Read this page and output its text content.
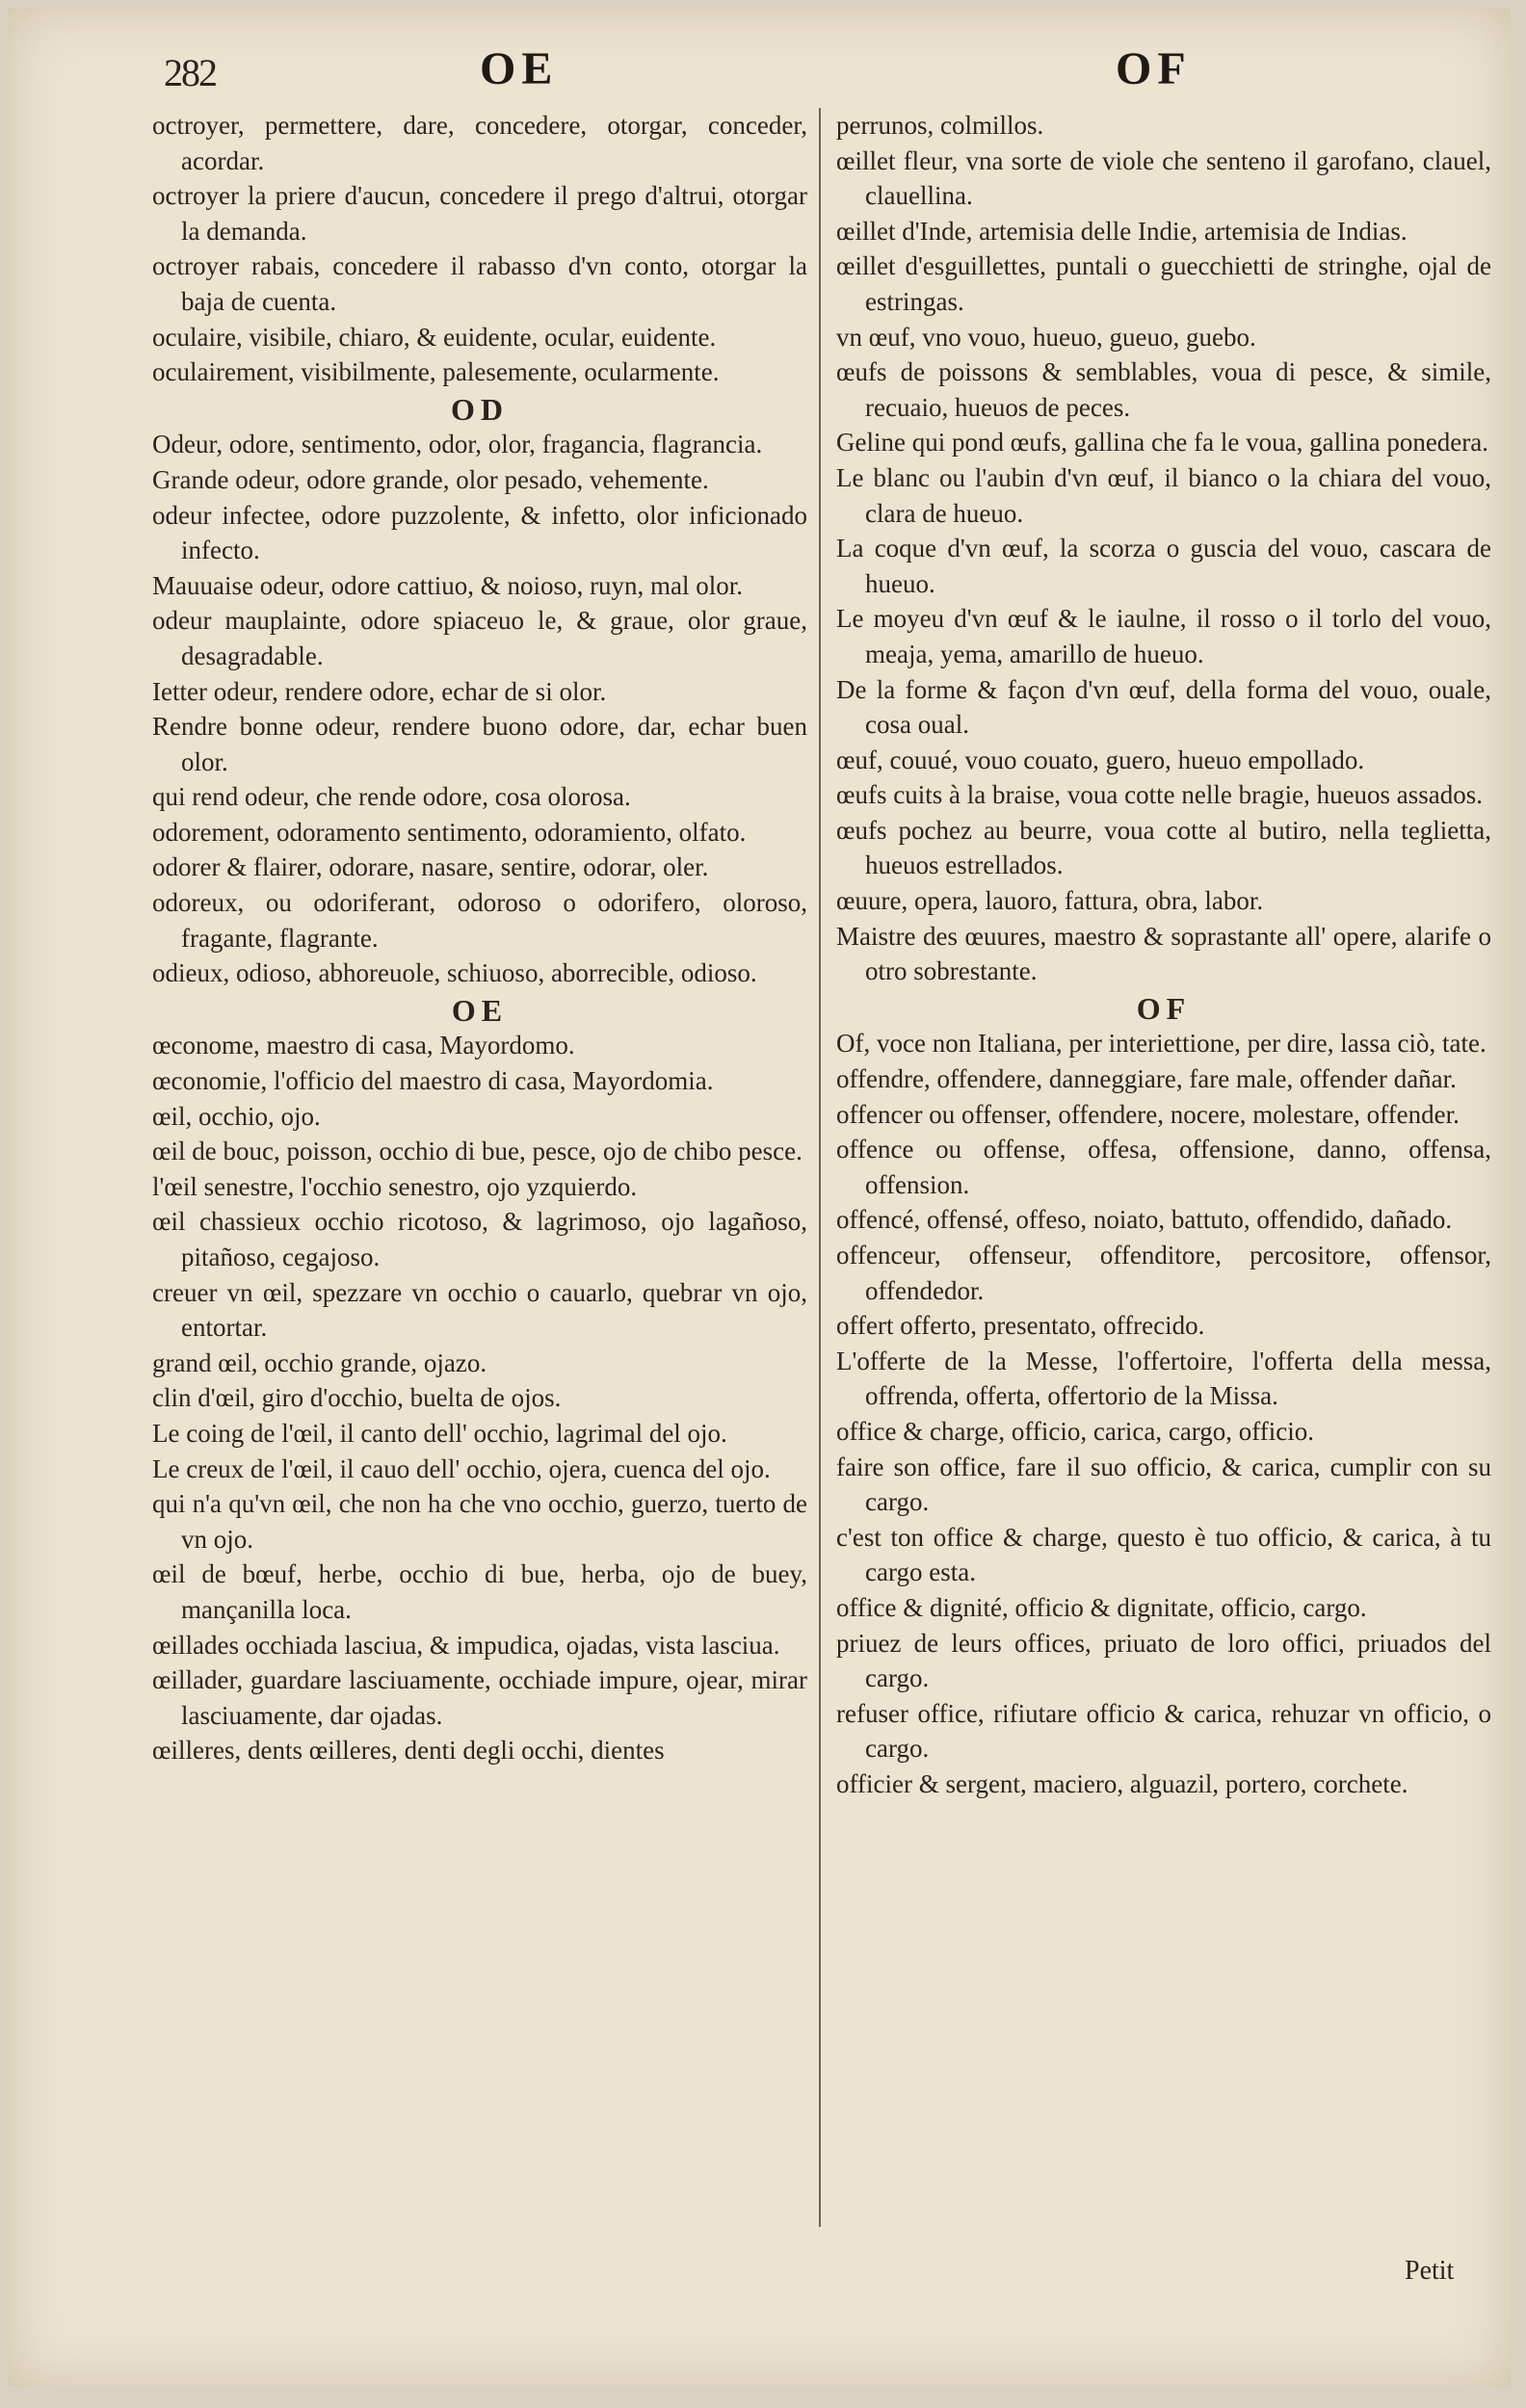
282	OE	OF

octroyer, permettere, dare, concedere, otorgar, conceder, acordar.

octroyer la priere d'aucun, concedere il prego d'altrui, otorgar la demanda.

octroyer rabais, concedere il rabasso d'vn conto, otorgar la baja de cuenta.

oculaire, visibile, chiaro, & euidente, ocular, euidente.

oculairement, visibilmente, palesemente, ocularmente.

OD

Odeur, odore, sentimento, odor, olor, fragancia, flagrancia.

Grande odeur, odore grande, olor pesado, vehemente.

odeur infectee, odore puzzolente, & infetto, olor inficionado infecto.

Mauuaise odeur, odore cattiuo, & noioso, ruyn, mal olor.

odeur mauplainte, odore spiaceuo le, & graue, olor graue, desagradable.

Ietter odeur, rendere odore, echar de si olor.

Rendre bonne odeur, rendere buono odore, dar, echar buen olor.

qui rend odeur, che rende odore, cosa olorosa.

odorement, odoramento sentimento, odoramiento, olfato.

odorer & flairer, odorare, nasare, sentire, odorar, oler.

odoreux, ou odoriferant, odoroso o odorifero, oloroso, fragante, flagrante.

odieux, odioso, abhoreuole, schiuoso, aborrecible, odioso.

OE

œconome, maestro di casa, Mayordomo.

œconomie, l'officio del maestro di casa, Mayordomia.

œil, occhio, ojo.

œil de bouc, poisson, occhio di bue, pesce, ojo de chibo pesce.

l'œil senestre, l'occhio senestro, ojo yzquierdo.

œil chassieux occhio ricotoso, & lagrimoso, ojo lagañoso, pitañoso, cegajoso.

creuer vn œil, spezzare vn occhio o cauarlo, quebrar vn ojo, entortar.

grand œil, occhio grande, ojazo.

clin d'œil, giro d'occhio, buelta de ojos.

Le coing de l'œil, il canto dell' occhio, lagrimal del ojo.

Le creux de l'œil, il cauo dell' occhio, ojera, cuenca del ojo.

qui n'a qu'vn œil, che non ha che vno occhio, guerzo, tuerto de vn ojo.

œil de bœuf, herbe, occhio di bue, herba, ojo de buey, mançanilla loca.

œillades occhiada lasciua, & impudica, ojadas, vista lasciua.

œillader, guardare lasciuamente, occhiade impure, ojear, mirar lasciuamente, dar ojadas.

œilleres, dents œilleres, denti degli occhi, dientes

perrunos, colmillos.

œillet fleur, vna sorte de viole che senteno il garofano, clauel, clauellina.

œillet d'Inde, artemisia delle Indie, artemisia de Indias.

œillet d'esguillettes, puntali o guecchietti de stringhe, ojal de estringas.

vn œuf, vno vouo, hueuo, gueuo, guebo.

œufs de poissons & semblables, voua di pesce, & simile, recuaio, hueuos de peces.

Geline qui pond œufs, gallina che fa le voua, gallina ponedera.

Le blanc ou l'aubin d'vn œuf, il bianco o la chiara del vouo, clara de hueuo.

La coque d'vn œuf, la scorza o guscia del vouo, cascara de hueuo.

Le moyeu d'vn œuf & le iaulne, il rosso o il torlo del vouo, meaja, yema, amarillo de hueuo.

De la forme & façon d'vn œuf, della forma del vouo, ouale, cosa oual.

œuf, couué, vouo couato, guero, hueuo empollado.

œufs cuits à la braise, voua cotte nelle bragie, hueuos assados.

œufs pochez au beurre, voua cotte al butiro, nella teglietta, hueuos estrellados.

œuure, opera, lauoro, fattura, obra, labor.

Maistre des œuures, maestro & soprastante all' opere, alarife o otro sobrestante.

OF

Of, voce non Italiana, per interiettione, per dire, lassa ciò, tate.

offendre, offendere, danneggiare, fare male, offender dañar.

offencer ou offenser, offendere, nocere, molestare, offender.

offence ou offense, offesa, offensione, danno, offensa, offension.

offencé, offensé, offeso, noiato, battuto, offendido, dañado.

offenceur, offenseur, offenditore, percositore, offensor, offendedor.

offert offerto, presentato, offrecido.

L'offerte de la Messe, l'offertoire, l'offerta della messa, offrenda, offerta, offertorio de la Missa.

office & charge, officio, carica, cargo, officio.

faire son office, fare il suo officio, & carica, cumplir con su cargo.

c'est ton office & charge, questo è tuo officio, & carica, à tu cargo esta.

office & dignité, officio & dignitate, officio, cargo.

priuez de leurs offices, priuato de loro offici, priuados del cargo.

refuser office, rifiutare officio & carica, rehuzar vn officio, o cargo.

officier & sergent, maciero, alguazil, portero, corchete.

Petit
